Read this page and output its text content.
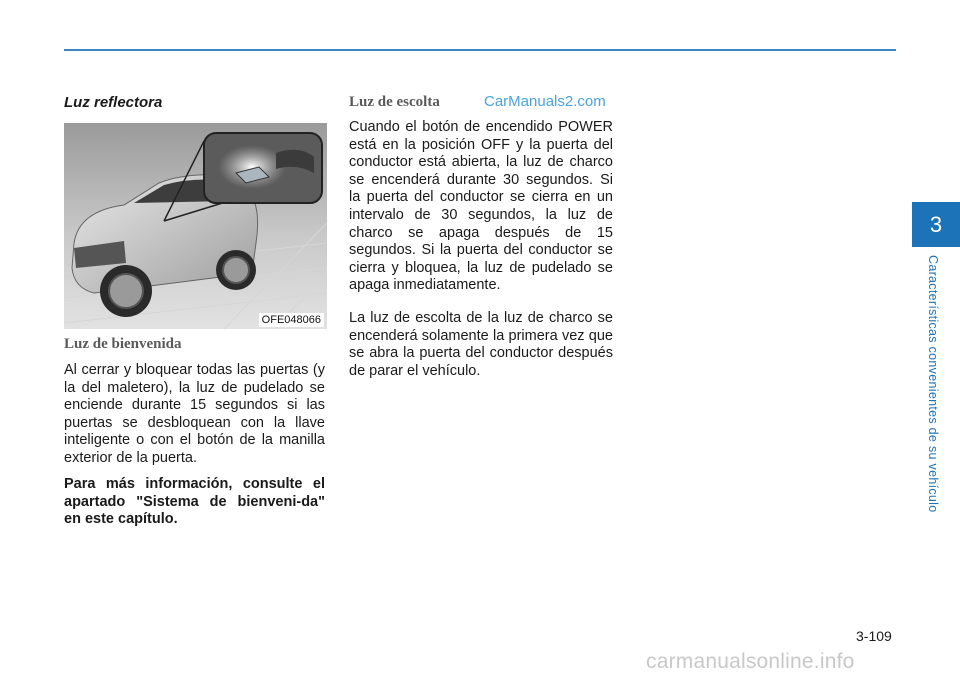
Luz reflectora
OFE048066
Luz de bienvenida

Al cerrar y bloquear todas las puertas (y la del maletero), la luz de pudelado se enciende durante 15 segundos si las puertas se desbloquean con la llave inteligente o con el botón de la manilla exterior de la puerta.

Para más información, consulte el apartado "Sistema de bienveni-da" en este capítulo.

Luz de escolta	CarManuals2.com

Cuando el botón de encendido POWER está en la posición OFF y la puerta del conductor está abierta, la luz de charco se encenderá durante 30 segundos. Si la puerta del conductor se cierra en un intervalo de 30 segundos, la luz de charco se apaga después de 15 segundos. Si la puerta del conductor se cierra y bloquea, la luz de pudelado se apaga inmediatamente.

La luz de escolta de la luz de charco se encenderá solamente la primera vez que se abra la puerta del conductor después de parar el vehículo.

3
Características convenientes de su vehículo
3-109
carmanualsonline.info
